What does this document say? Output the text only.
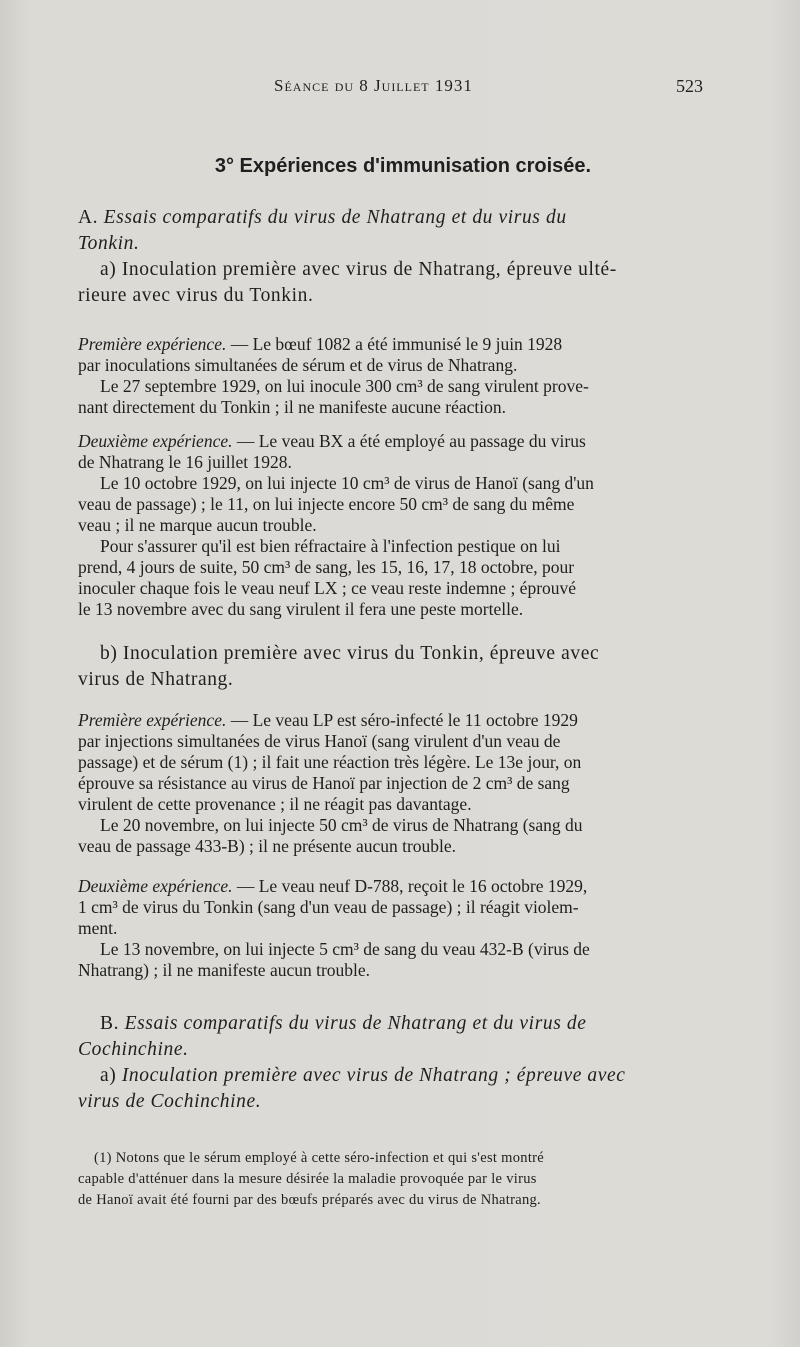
Séance du 8 Juillet 1931	523
3° Expériences d'immunisation croisée.
A. Essais comparatifs du virus de Nhatrang et du virus du
Tonkin.
a) Inoculation première avec virus de Nhatrang, épreuve ulté-
rieure avec virus du Tonkin.
Première expérience. — Le bœuf 1082 a été immunisé le 9 juin 1928
par inoculations simultanées de sérum et de virus de Nhatrang.
Le 27 septembre 1929, on lui inocule 300 cm³ de sang virulent prove-
nant directement du Tonkin ; il ne manifeste aucune réaction.
Deuxième expérience. — Le veau BX a été employé au passage du virus
de Nhatrang le 16 juillet 1928.
Le 10 octobre 1929, on lui injecte 10 cm³ de virus de Hanoï (sang d'un
veau de passage) ; le 11, on lui injecte encore 50 cm³ de sang du même
veau ; il ne marque aucun trouble.
Pour s'assurer qu'il est bien réfractaire à l'infection pestique on lui
prend, 4 jours de suite, 50 cm³ de sang, les 15, 16, 17, 18 octobre, pour
inoculer chaque fois le veau neuf LX ; ce veau reste indemne ; éprouvé
le 13 novembre avec du sang virulent il fera une peste mortelle.
b) Inoculation première avec virus du Tonkin, épreuve avec
virus de Nhatrang.
Première expérience. — Le veau LP est séro-infecté le 11 octobre 1929
par injections simultanées de virus Hanoï (sang virulent d'un veau de
passage) et de sérum (1) ; il fait une réaction très légère. Le 13e jour, on
éprouve sa résistance au virus de Hanoï par injection de 2 cm³ de sang
virulent de cette provenance ; il ne réagit pas davantage.
Le 20 novembre, on lui injecte 50 cm³ de virus de Nhatrang (sang du
veau de passage 433-B) ; il ne présente aucun trouble.
Deuxième expérience. — Le veau neuf D-788, reçoit le 16 octobre 1929,
1 cm³ de virus du Tonkin (sang d'un veau de passage) ; il réagit violem-
ment.
Le 13 novembre, on lui injecte 5 cm³ de sang du veau 432-B (virus de
Nhatrang) ; il ne manifeste aucun trouble.
B. Essais comparatifs du virus de Nhatrang et du virus de
Cochinchine.
a) Inoculation première avec virus de Nhatrang ; épreuve avec
virus de Cochinchine.
(1) Notons que le sérum employé à cette séro-infection et qui s'est montré
capable d'atténuer dans la mesure désirée la maladie provoquée par le virus
de Hanoï avait été fourni par des bœufs préparés avec du virus de Nhatrang.
